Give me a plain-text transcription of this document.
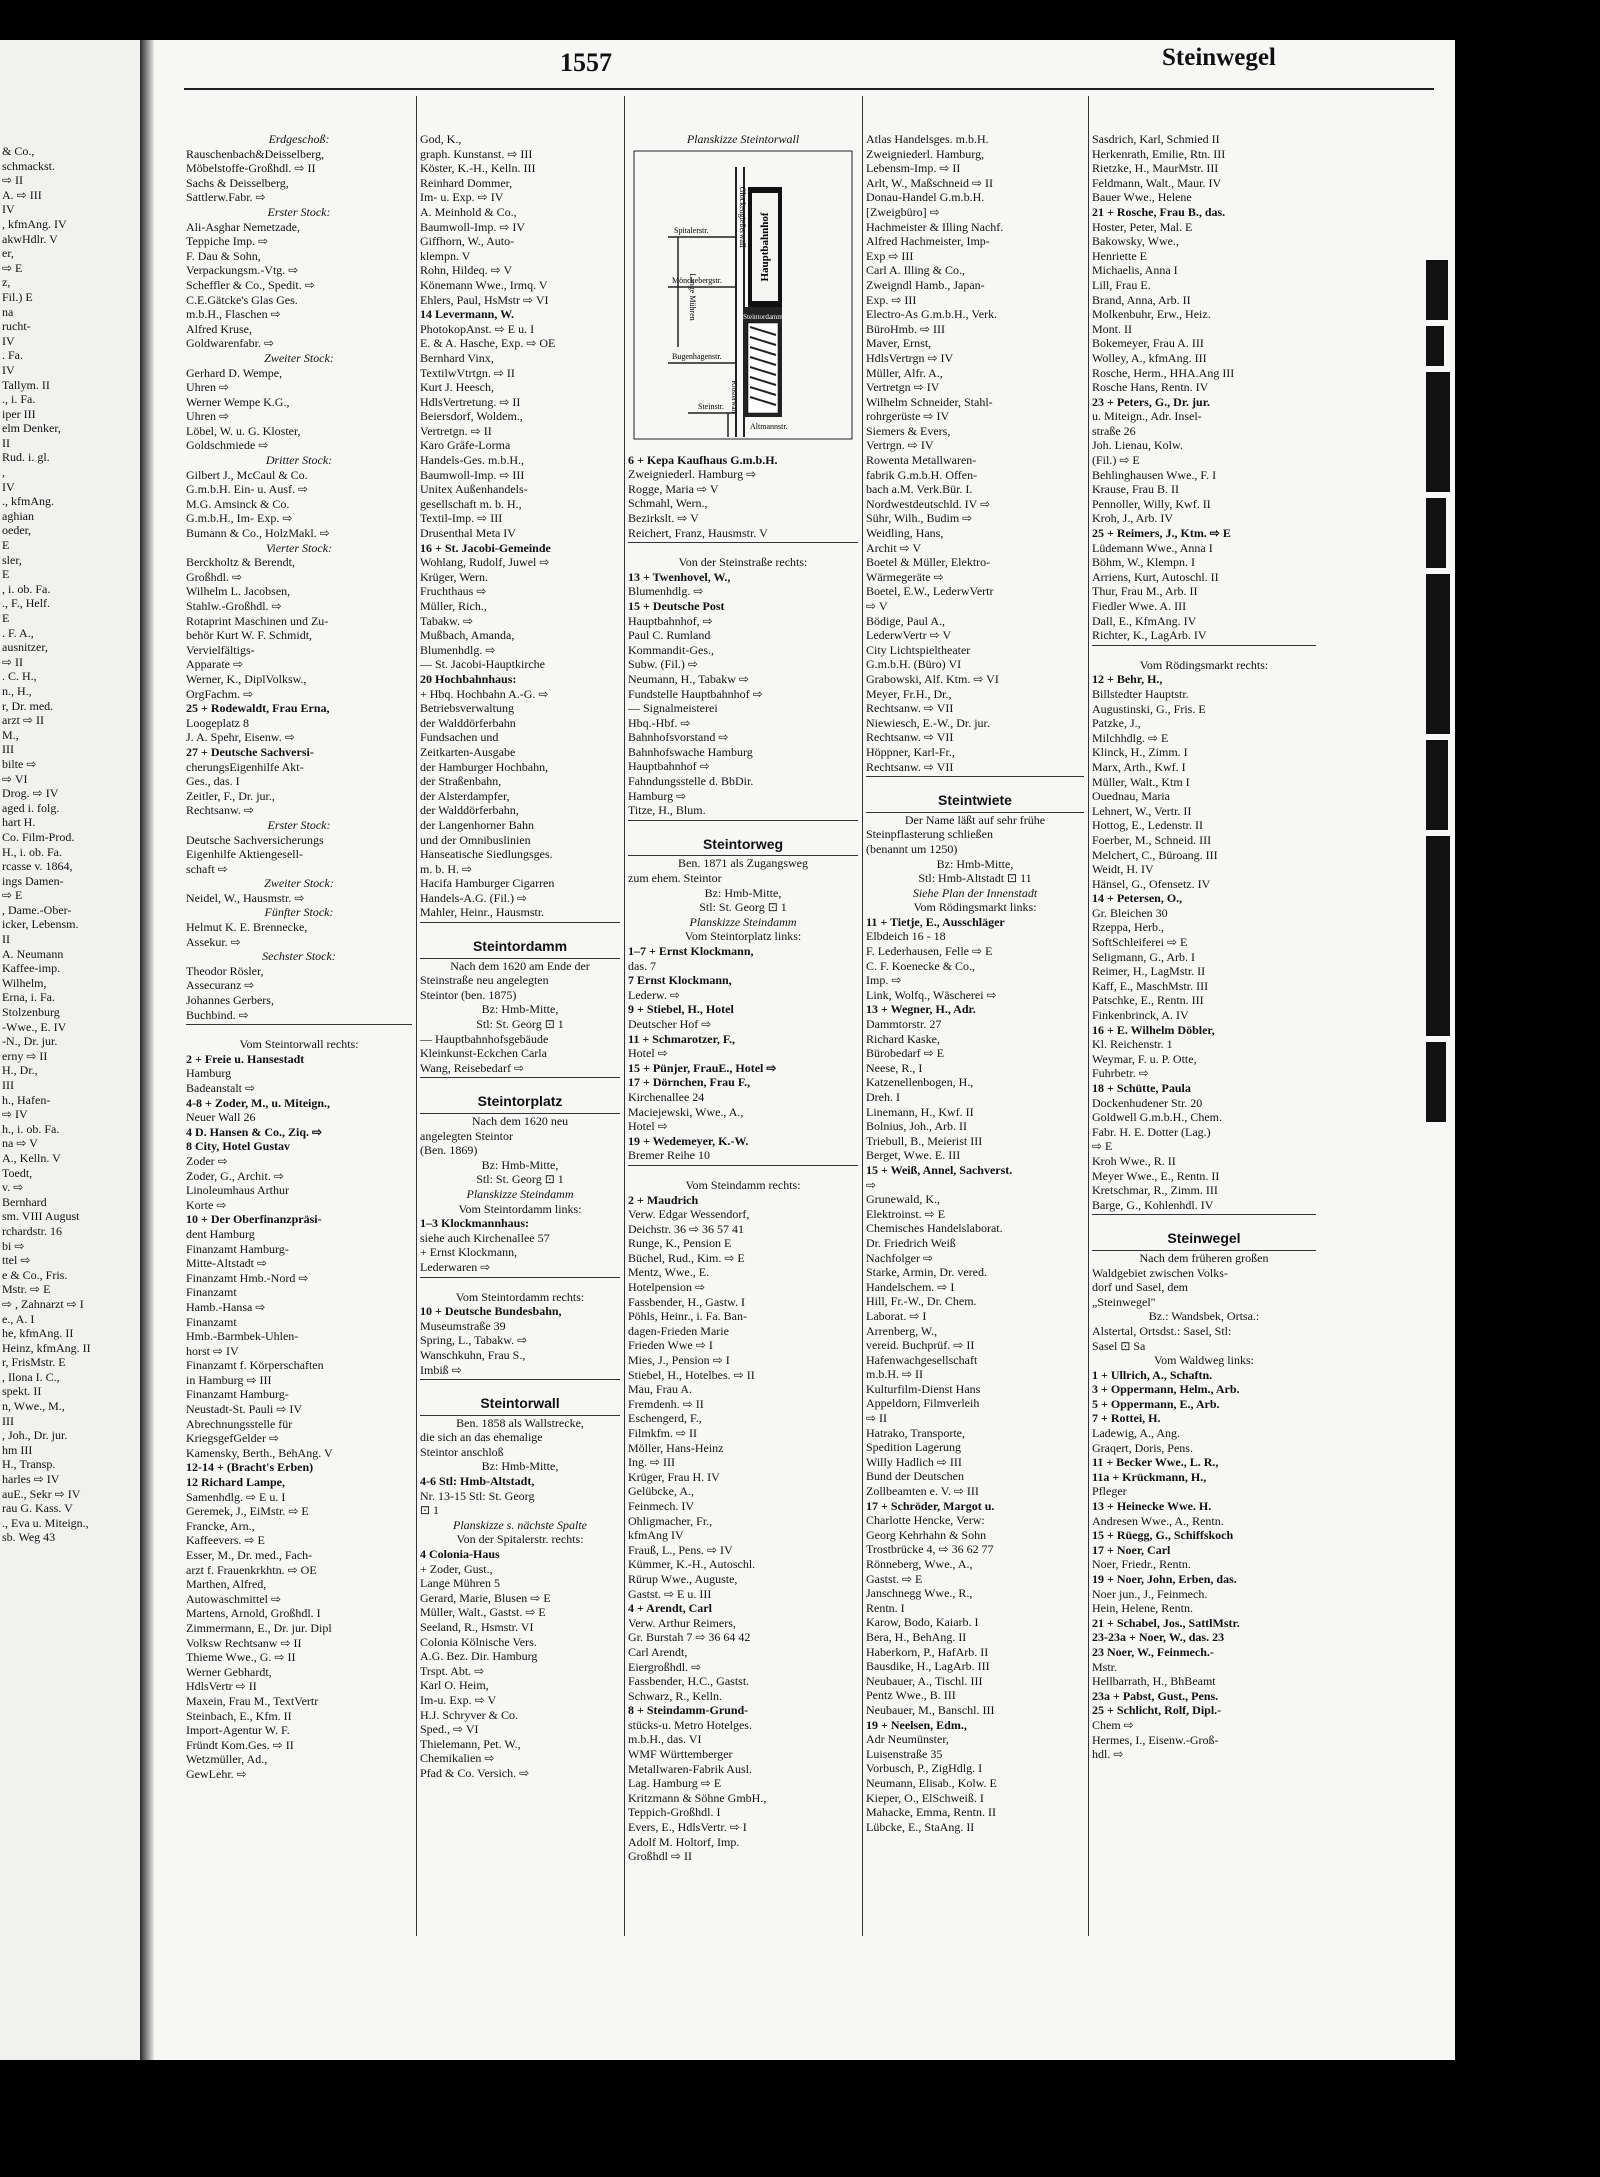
& Co.,
schmackst.
⇨ II
A. ⇨ III
IV
, kfmAng. IV
akwHdlr. V
er,
⇨ E
z,
Fil.) E
na
rucht-
IV
. Fa.
IV
Tallym. II
., i. Fa.
iper III
elm Denker,
II
Rud. i. gl.
,
IV
., kfmAng.
aghian
oeder,
E
sler,
E
, i. ob. Fa.
., F., Helf.
E
. F. A.,
ausnitzer,
⇨ II
. C. H.,
n., H.,
r, Dr. med.
arzt ⇨ II
M.,
III
bilte ⇨
⇨ VI
Drog. ⇨ IV
aged i. folg.
hart H.
Co. Film-Prod.
H., i. ob. Fa.
rcasse v. 1864,
ings Damen-
⇨ E
, Dame.-Ober-
icker, Lebensm.
II
A. Neumann
Kaffee-imp.
Wilhelm,
Erna, i. Fa.
Stolzenburg
-Wwe., E. IV
-N., Dr. jur.
erny ⇨ II
H., Dr.,
III
h., Hafen-
⇨ IV
h., i. ob. Fa.
na ⇨ V
A., Kelln. V
Toedt,
v. ⇨
Bernhard
sm. VIII August
rchardstr. 16
bi ⇨
ttel ⇨
e & Co., Fris.
Mstr. ⇨ E
⇨ , Zahnarzt ⇨ I
e., A. I
he, kfmAng. II
Heinz, kfmAng. II
r, FrisMstr. E
, Ilona I. C.,
spekt. II
n, Wwe., M.,
III
, Joh., Dr. jur.
hm III
H., Transp.
harles ⇨ IV
auE., Sekr ⇨ IV
rau G. Kass. V
., Eva u. Miteign.,
sb. Weg 43
1557	Steinwegel
Erdgeschoß:
Rauschenbach&Deisselberg,
Möbelstoffe-Großhdl. ⇨ II
Sachs & Deisselberg,
Sattlerw.Fabr. ⇨
Erster Stock:
Ali-Asghar Nemetzade,
Teppiche Imp. ⇨
F. Dau & Sohn,
Verpackungsm.-Vtg. ⇨
Scheffler & Co., Spedit. ⇨
C.E.Gätcke's Glas Ges.
m.b.H., Flaschen ⇨
Alfred Kruse,
Goldwarenfabr. ⇨
Zweiter Stock:
Gerhard D. Wempe,
Uhren ⇨
Werner Wempe K.G.,
Uhren ⇨
Löbel, W. u. G. Kloster,
Goldschmiede ⇨
Dritter Stock:
Gilbert J., McCaul & Co.
G.m.b.H. Ein- u. Ausf. ⇨
M.G. Amsinck & Co.
G.m.b.H., Im- Exp. ⇨
Bumann & Co., HolzMakl. ⇨
Vierter Stock:
Berckholtz & Berendt,
Großhdl. ⇨
Wilhelm L. Jacobsen,
Stahlw.-Großhdl. ⇨
Rotaprint Maschinen und Zu-
behör Kurt W. F. Schmidt,
Vervielfältigs-
Apparate ⇨
Werner, K., DiplVolksw.,
OrgFachm. ⇨
25 + Rodewaldt, Frau Erna,
Loogeplatz 8
J. A. Spehr, Eisenw. ⇨
27 + Deutsche Sachversi-
cherungsEigenhilfe Akt-
Ges., das. I
Zeitler, F., Dr. jur.,
Rechtsanw. ⇨
Erster Stock:
Deutsche Sachversicherungs
Eigenhilfe Aktiengesell-
schaft ⇨
Zweiter Stock:
Neidel, W., Hausmstr. ⇨
Fünfter Stock:
Helmut K. E. Brennecke,
Assekur. ⇨
Sechster Stock:
Theodor Rösler,
Assecuranz ⇨
Johannes Gerbers,
Buchbind. ⇨
Vom Steintorwall rechts:
2 + Freie u. Hansestadt
Hamburg
Badeanstalt ⇨
4-8 + Zoder, M., u. Miteign.,
Neuer Wall 26
4 D. Hansen & Co., Ziq. ⇨
8 City, Hotel Gustav
Zoder ⇨
Zoder, G., Archit. ⇨
Linoleumhaus Arthur
Korte ⇨
10 + Der Oberfinanzpräsi-
dent Hamburg
Finanzamt Hamburg-
Mitte-Altstadt ⇨
Finanzamt Hmb.-Nord ⇨
Finanzamt
Hamb.-Hansa ⇨
Finanzamt
Hmb.-Barmbek-Uhlen-
horst ⇨ IV
Finanzamt f. Körperschaften
in Hamburg ⇨ III
Finanzamt Hamburg-
Neustadt-St. Pauli ⇨ IV
Abrechnungsstelle für
KriegsgefGelder ⇨
Kamensky, Berth., BehAng. V
12-14 + (Bracht's Erben)
12 Richard Lampe,
Samenhdlg. ⇨ E u. I
Geremek, J., EiMstr. ⇨ E
Francke, Arn.,
Kaffeevers. ⇨ E
Esser, M., Dr. med., Fach-
arzt f. Frauenkrkhtn. ⇨ OE
Marthen, Alfred,
Autowaschmittel ⇨
Martens, Arnold, Großhdl. I
Zimmermann, E., Dr. jur. Dipl
Volksw Rechtsanw ⇨ II
Thieme Wwe., G. ⇨ II
Werner Gebhardt,
HdlsVertr ⇨ II
Maxein, Frau M., TextVertr
Steinbach, E., Kfm. II
Import-Agentur W. F.
Fründt Kom.Ges. ⇨ II
Wetzmüller, Ad.,
GewLehr. ⇨
God, K.,
graph. Kunstanst. ⇨ III
Köster, K.-H., Kelln. III
Reinhard Dommer,
Im- u. Exp. ⇨ IV
A. Meinhold & Co.,
Baumwoll-Imp. ⇨ IV
Giffhorn, W., Auto-
klempn. V
Rohn, Hildeq. ⇨ V
Könemann Wwe., Irmq. V
Ehlers, Paul, HsMstr ⇨ VI
14 Levermann, W.
PhotokopAnst. ⇨ E u. I
E. & A. Hasche, Exp. ⇨ OE
Bernhard Vinx,
TextilwVtrtgn. ⇨ II
Kurt J. Heesch,
HdlsVertretung. ⇨ II
Beiersdorf, Woldem.,
Vertretgn. ⇨ II
Karo Gräfe-Lorma
Handels-Ges. m.b.H.,
Baumwoll-Imp. ⇨ III
Unitex Außenhandels-
gesellschaft m. b. H.,
Textil-Imp. ⇨ III
Drusenthal Meta IV
16 + St. Jacobi-Gemeinde
Wohlang, Rudolf, Juwel ⇨
Krüger, Wern.
Fruchthaus ⇨
Müller, Rich.,
Tabakw. ⇨
Mußbach, Amanda,
Blumenhdlg. ⇨
— St. Jacobi-Hauptkirche
20 Hochbahnhaus:
+ Hbq. Hochbahn A.-G. ⇨
Betriebsverwaltung
der Walddörferbahn
Fundsachen und
Zeitkarten-Ausgabe
der Hamburger Hochbahn,
der Straßenbahn,
der Alsterdampfer,
der Walddörferbahn,
der Langenhorner Bahn
und der Omnibuslinien
Hanseatische Siedlungsges.
m. b. H. ⇨
Hacifa Hamburger Cigarren
Handels-A.G. (Fil.) ⇨
Mahler, Heinr., Hausmstr.
Steintordamm
Nach dem 1620 am Ende der
Steinstraße neu angelegten
Steintor (ben. 1875)
Bz: Hmb-Mitte,
Stl: St. Georg ⊡ 1
— Hauptbahnhofsgebäude
Kleinkunst-Eckchen Carla
Wang, Reisebedarf ⇨
Steintorplatz
Nach dem 1620 neu
angelegten Steintor
(Ben. 1869)
Bz: Hmb-Mitte,
Stl: St. Georg ⊡ 1
Planskizze Steindamm
Vom Steintordamm links:
1–3 Klockmannhaus:
siehe auch Kirchenallee 57
+ Ernst Klockmann,
Lederwaren ⇨
Vom Steintordamm rechts:
10 + Deutsche Bundesbahn,
Museumstraße 39
Spring, L., Tabakw. ⇨
Wanschkuhn, Frau S.,
Imbiß ⇨
Steintorwall
Ben. 1858 als Wallstrecke,
die sich an das ehemalige
Steintor anschloß
Bz: Hmb-Mitte,
4-6 Stl: Hmb-Altstadt,
Nr. 13-15 Stl: St. Georg
⊡ 1
Planskizze s. nächste Spalte
Von der Spitalerstr. rechts:
4 Colonia-Haus
+ Zoder, Gust.,
Lange Mühren 5
Gerard, Marie, Blusen ⇨ E
Müller, Walt., Gastst. ⇨ E
Seeland, R., Hsmstr. VI
Colonia Kölnische Vers.
A.G. Bez. Dir. Hamburg
Trspt. Abt. ⇨
Karl O. Heim,
Im-u. Exp. ⇨ V
H.J. Schryver & Co.
Sped., ⇨ VI
Thielemann, Pet. W.,
Chemikalien ⇨
Pfad & Co. Versich. ⇨
Planskizze Steintorwall
Hauptbahnhof
Glockengießerwall
Spitalerstr.
Lange Mühren
Mönckebergstr.
Steintordamm
Bugenhagenstr.
Steinstr. Klosterwall
Altmannstr.
6 + Kepa Kaufhaus G.m.b.H.
Zweigniederl. Hamburg ⇨
Rogge, Maria ⇨ V
Schmahl, Wern.,
Bezirkslt. ⇨ V
Reichert, Franz, Hausmstr. V
Von der Steinstraße rechts:
13 + Twenhovel, W.,
Blumenhdlg. ⇨
15 + Deutsche Post
Hauptbahnhof, ⇨
Paul C. Rumland
Kommandit-Ges.,
Subw. (Fil.) ⇨
Neumann, H., Tabakw ⇨
Fundstelle Hauptbahnhof ⇨
— Signalmeisterei
Hbq.-Hbf. ⇨
Bahnhofsvorstand ⇨
Bahnhofswache Hamburg
Hauptbahnhof ⇨
Fahndungsstelle d. BbDir.
Hamburg ⇨
Titze, H., Blum.
Steintorweg
Ben. 1871 als Zugangsweg
zum ehem. Steintor
Bz: Hmb-Mitte,
Stl: St. Georg ⊡ 1
Planskizze Steindamm
Vom Steintorplatz links:
1–7 + Ernst Klockmann,
das. 7
7 Ernst Klockmann,
Lederw. ⇨
9 + Stiebel, H., Hotel
Deutscher Hof ⇨
11 + Schmarotzer, F.,
Hotel ⇨
15 + Pünjer, FrauE., Hotel ⇨
17 + Dörnchen, Frau F.,
Kirchenallee 24
Maciejewski, Wwe., A.,
Hotel ⇨
19 + Wedemeyer, K.-W.
Bremer Reihe 10
Vom Steindamm rechts:
2 + Maudrich
Verw. Edgar Wessendorf,
Deichstr. 36 ⇨ 36 57 41
Runge, K., Pension E
Büchel, Rud., Kim. ⇨ E
Mentz, Wwe., E.
Hotelpension ⇨
Fassbender, H., Gastw. I
Pöhls, Heinr., i. Fa. Ban-
dagen-Frieden Marie
Frieden Wwe ⇨ I
Mies, J., Pension ⇨ I
Stiebel, H., Hotelbes. ⇨ II
Mau, Frau A.
Fremdenh. ⇨ II
Eschengerd, F.,
Filmkfm. ⇨ II
Möller, Hans-Heinz
Ing. ⇨ III
Krüger, Frau H. IV
Gelübcke, A.,
Feinmech. IV
Ohligmacher, Fr.,
kfmAng IV
Frauß, L., Pens. ⇨ IV
Kümmer, K.-H., Autoschl.
Rürup Wwe., Auguste,
Gastst. ⇨ E u. III
4 + Arendt, Carl
Verw. Arthur Reimers,
Gr. Burstah 7 ⇨ 36 64 42
Carl Arendt,
Eiergroßhdl. ⇨
Fassbender, H.C., Gastst.
Schwarz, R., Kelln.
8 + Steindamm-Grund-
stücks-u. Metro Hotelges.
m.b.H., das. VI
WMF Württemberger
Metallwaren-Fabrik Ausl.
Lag. Hamburg ⇨ E
Kritzmann & Söhne GmbH.,
Teppich-Großhdl. I
Evers, E., HdlsVertr. ⇨ I
Adolf M. Holtorf, Imp.
Großhdl ⇨ II
Atlas Handelsges. m.b.H.
Zweigniederl. Hamburg,
Lebensm-Imp. ⇨ II
Arlt, W., Maßschneid ⇨ II
Donau-Handel G.m.b.H.
[Zweigbüro] ⇨
Hachmeister & Illing Nachf.
Alfred Hachmeister, Imp-
Exp ⇨ III
Carl A. Illing & Co.,
Zweigndl Hamb., Japan-
Exp. ⇨ III
Electro-As G.m.b.H., Verk.
BüroHmb. ⇨ III
Maver, Ernst,
HdlsVertrgn ⇨ IV
Müller, Alfr. A.,
Vertretgn ⇨ IV
Wilhelm Schneider, Stahl-
rohrgerüste ⇨ IV
Siemers & Evers,
Vertrgn. ⇨ IV
Rowenta Metallwaren-
fabrik G.m.b.H. Offen-
bach a.M. Verk.Bür. I.
Nordwestdeutschld. IV ⇨
Sühr, Wilh., Budim ⇨
Weidling, Hans,
Archit ⇨ V
Boetel & Müller, Elektro-
Wärmegeräte ⇨
Boetel, E.W., LederwVertr
⇨ V
Bödige, Paul A.,
LederwVertr ⇨ V
City Lichtspieltheater
G.m.b.H. (Büro) VI
Grabowski, Alf. Ktm. ⇨ VI
Meyer, Fr.H., Dr.,
Rechtsanw. ⇨ VII
Niewiesch, E.-W., Dr. jur.
Rechtsanw. ⇨ VII
Höppner, Karl-Fr.,
Rechtsanw. ⇨ VII
Steintwiete
Der Name läßt auf sehr frühe
Steinpflasterung schließen
(benannt um 1250)
Bz: Hmb-Mitte,
Stl: Hmb-Altstadt ⊡ 11
Siehe Plan der Innenstadt
Vom Rödingsmarkt links:
11 + Tietje, E., Ausschläger
Elbdeich 16 - 18
F. Lederhausen, Felle ⇨ E
C. F. Koenecke & Co.,
Imp. ⇨
Link, Wolfq., Wäscherei ⇨
13 + Wegner, H., Adr.
Dammtorstr. 27
Richard Kaske,
Bürobedarf ⇨ E
Neese, R., I
Katzenellenbogen, H.,
Dreh. I
Linemann, H., Kwf. II
Bolnius, Joh., Arb. II
Triebull, B., Meierist III
Berget, Wwe. E. III
15 + Weiß, Annel, Sachverst.
⇨
Grunewald, K.,
Elektroinst. ⇨ E
Chemisches Handelslaborat.
Dr. Friedrich Weiß
Nachfolger ⇨
Starke, Armin, Dr. vered.
Handelschem. ⇨ I
Hill, Fr.-W., Dr. Chem.
Laborat. ⇨ I
Arrenberg, W.,
vereid. Buchprüf. ⇨ II
Hafenwachgesellschaft
m.b.H. ⇨ II
Kulturfilm-Dienst Hans
Appeldorn, Filmverleih
⇨ II
Hatrako, Transporte,
Spedition Lagerung
Willy Hadlich ⇨ III
Bund der Deutschen
Zollbeamten e. V. ⇨ III
17 + Schröder, Margot u.
Charlotte Hencke, Verw:
Georg Kehrhahn & Sohn
Trostbrücke 4, ⇨ 36 62 77
Rönneberg, Wwe., A.,
Gastst. ⇨ E
Janschnegg Wwe., R.,
Rentn. I
Karow, Bodo, Kaiarb. I
Bera, H., BehAng. II
Haberkorn, P., HafArb. II
Bausdike, H., LagArb. III
Neubauer, A., Tischl. III
Pentz Wwe., B. III
Neubauer, M., Banschl. III
19 + Neelsen, Edm.,
Adr Neumünster,
Luisenstraße 35
Vorbusch, P., ZigHdlg. I
Neumann, Elisab., Kolw. E
Kieper, O., ElSchweiß. I
Mahacke, Emma, Rentn. II
Lübcke, E., StaAng. II
Sasdrich, Karl, Schmied II
Herkenrath, Emilie, Rtn. III
Rietzke, H., MaurMstr. III
Feldmann, Walt., Maur. IV
Bauer Wwe., Helene
21 + Rosche, Frau B., das.
Hoster, Peter, Mal. E
Bakowsky, Wwe.,
Henriette E
Michaelis, Anna I
Lill, Frau E.
Brand, Anna, Arb. II
Molkenbuhr, Erw., Heiz.
Mont. II
Bokemeyer, Frau A. III
Wolley, A., kfmAng. III
Rosche, Herm., HHA.Ang III
Rosche Hans, Rentn. IV
23 + Peters, G., Dr. jur.
u. Miteign., Adr. Insel-
straße 26
Joh. Lienau, Kolw.
(Fil.) ⇨ E
Behlinghausen Wwe., F. I
Krause, Frau B. II
Pennoller, Willy, Kwf. II
Kroh, J., Arb. IV
25 + Reimers, J., Ktm. ⇨ E
Lüdemann Wwe., Anna I
Böhm, W., Klempn. I
Arriens, Kurt, Autoschl. II
Thur, Frau M., Arb. II
Fiedler Wwe. A. III
Dall, E., KfmAng. IV
Richter, K., LagArb. IV
Vom Rödingsmarkt rechts:
12 + Behr, H.,
Billstedter Hauptstr.
Augustinski, G., Fris. E
Patzke, J.,
Milchhdlg. ⇨ E
Klinck, H., Zimm. I
Marx, Arth., Kwf. I
Müller, Walt., Ktm I
Ouednau, Maria
Lehnert, W., Vertr. II
Hottog, E., Ledenstr. II
Foerber, M., Schneid. III
Melchert, C., Büroang. III
Weidt, H. IV
Hänsel, G., Ofensetz. IV
14 + Petersen, O.,
Gr. Bleichen 30
Rzeppa, Herb.,
SoftSchleiferei ⇨ E
Seligmann, G., Arb. I
Reimer, H., LagMstr. II
Kaff, E., MaschMstr. III
Patschke, E., Rentn. III
Finkenbrinck, A. IV
16 + E. Wilhelm Döbler,
Kl. Reichenstr. 1
Weymar, F. u. P. Otte,
Fuhrbetr. ⇨
18 + Schütte, Paula
Dockenhudener Str. 20
Goldwell G.m.b.H., Chem.
Fabr. H. E. Dotter (Lag.)
⇨ E
Kroh Wwe., R. II
Meyer Wwe., E., Rentn. II
Kretschmar, R., Zimm. III
Barge, G., Kohlenhdl. IV
Steinwegel
Nach dem früheren großen
Waldgebiet zwischen Volks-
dorf und Sasel, dem
„Steinwegel"
Bz.: Wandsbek, Ortsa.:
Alstertal, Ortsdst.: Sasel, Stl:
Sasel ⊡ Sa
Vom Waldweg links:
1 + Ullrich, A., Schaftn.
3 + Oppermann, Helm., Arb.
5 + Oppermann, E., Arb.
7 + Rottei, H.
Ladewig, A., Ang.
Graqert, Doris, Pens.
11 + Becker Wwe., L. R.,
11a + Krückmann, H.,
Pfleger
13 + Heinecke Wwe. H.
Andresen Wwe., A., Rentn.
15 + Rüegg, G., Schiffskoch
17 + Noer, Carl
Noer, Friedr., Rentn.
19 + Noer, John, Erben, das.
Noer jun., J., Feinmech.
Hein, Helene, Rentn.
21 + Schabel, Jos., SattlMstr.
23-23a + Noer, W., das. 23
23 Noer, W., Feinmech.-
Mstr.
Hellbarrath, H., BhBeamt
23a + Pabst, Gust., Pens.
25 + Schlicht, Rolf, Dipl.-
Chem ⇨
Hermes, I., Eisenw.-Groß-
hdl. ⇨
